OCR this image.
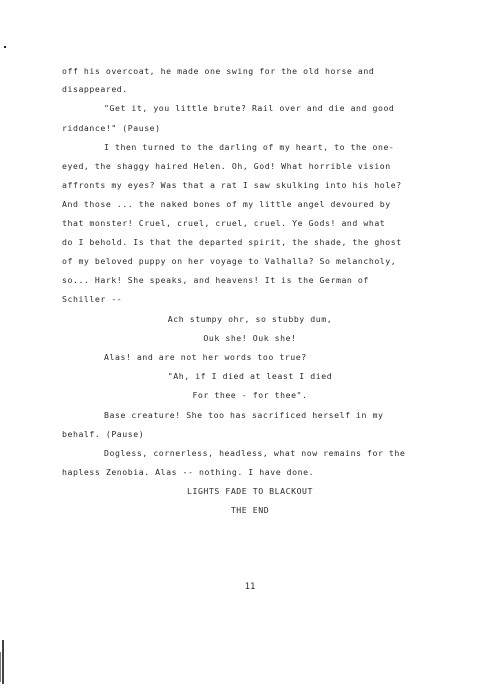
off his overcoat, he made one swing for the old horse and
disappeared.
"Get it, you little brute? Rail over and die and good
riddance!" (Pause)
I then turned to the darling of my heart, to the one-
eyed, the shaggy haired Helen. Oh, God! What horrible vision
affronts my eyes? Was that a rat I saw skulking into his hole?
And those ... the naked bones of my little angel devoured by
that monster! Cruel, cruel, cruel, cruel. Ye Gods! and what
do I behold. Is that the departed spirit, the shade, the ghost
of my beloved puppy on her voyage to Valhalla? So melancholy,
so... Hark! She speaks, and heavens! It is the German of
Schiller --
Ach stumpy ohr, so stubby dum,
Ouk she! Ouk she!
Alas! and are not her words too true?
"Ah, if I died at least I died
For thee - for thee".
Base creature! She too has sacrificed herself in my
behalf. (Pause)
Dogless, cornerless, headless, what now remains for the
hapless Zenobia. Alas -- nothing. I have done.
LIGHTS FADE TO BLACKOUT
THE END
11
